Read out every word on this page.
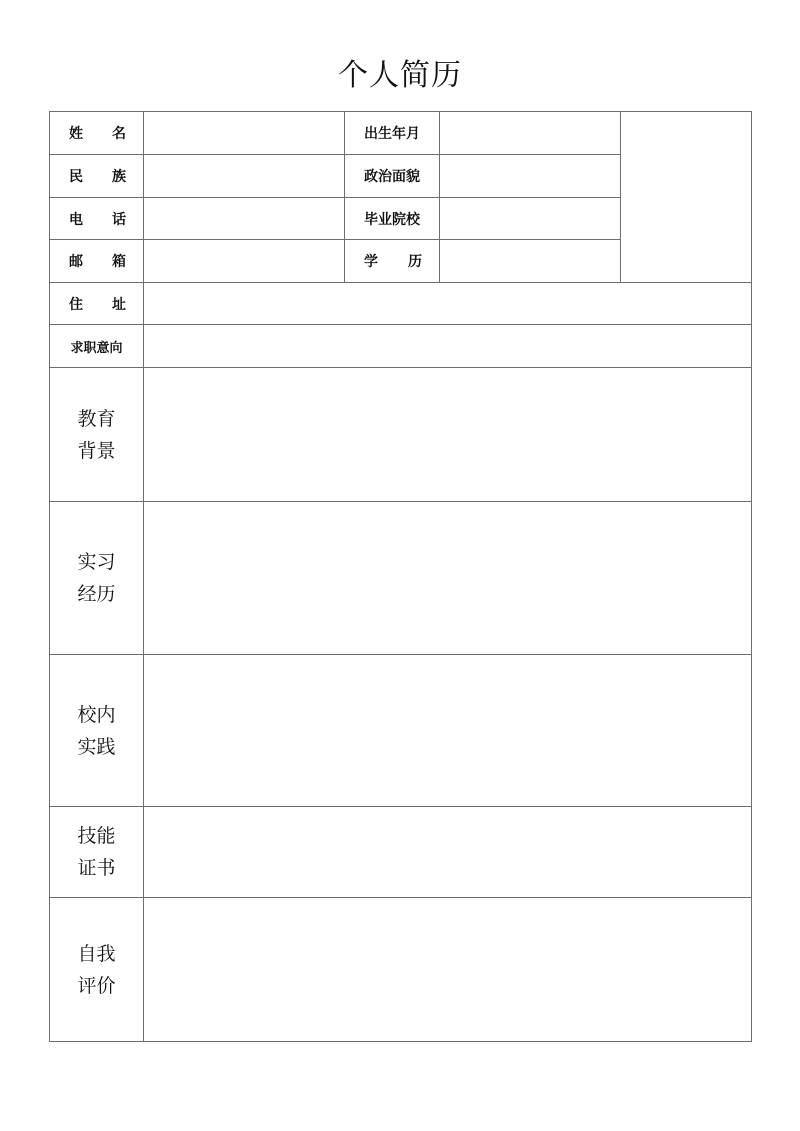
个人简历
姓 名	出生年月
民 族	政治面貌
电 话	毕业院校
邮 箱	学 历
住 址
求职意向
教育
背景
实习
经历
校内
实践
技能
证书
自我
评价
